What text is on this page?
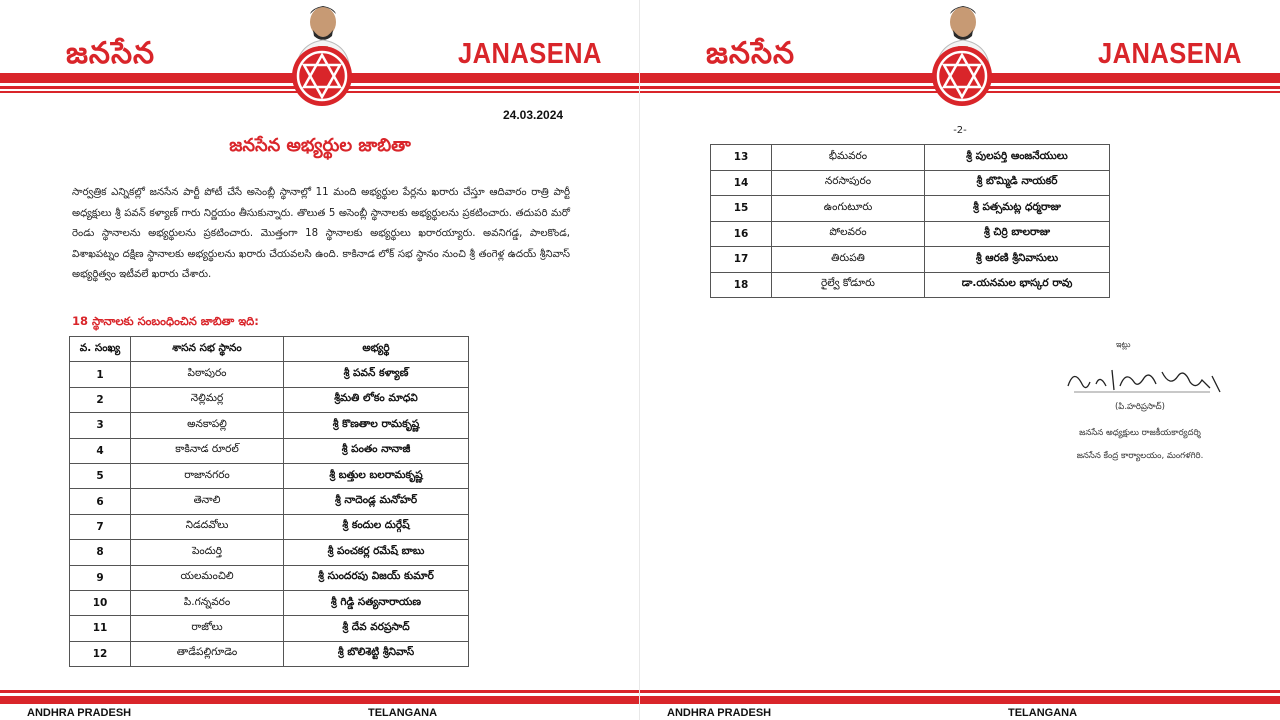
జనసేన	JANASENA
24.03.2024
జనసేన అభ్యర్థుల జాబితా
సార్వత్రిక ఎన్నికల్లో జనసేన పార్టీ పోటీ చేసే అసెంబ్లీ స్థానాల్లో 11 మంది అభ్యర్థుల పేర్లను ఖరారు చేస్తూ ఆదివారం రాత్రి పార్టీ అధ్యక్షులు శ్రీ పవన్ కళ్యాణ్ గారు నిర్ణయం తీసుకున్నారు. తొలుత 5 అసెంబ్లీ స్థానాలకు అభ్యర్థులను ప్రకటించారు. తదుపరి మరో రెండు స్థానాలను అభ్యర్థులను ప్రకటించారు. మొత్తంగా 18 స్థానాలకు అభ్యర్థులు ఖరారయ్యారు. అవనిగడ్డ, పాలకొండ, విశాఖపట్నం దక్షిణ స్థానాలకు అభ్యర్థులను ఖరారు చేయవలసి ఉంది. కాకినాడ లోక్ సభ స్థానం నుంచి శ్రీ తంగెళ్ల ఉదయ్ శ్రీనివాస్ అభ్యర్థిత్వం ఇటీవలే ఖరారు చేశారు.
18 స్థానాలకు సంబంధించిన జాబితా ఇది:
వ. సంఖ్య	శాసన సభ స్థానం	అభ్యర్థి
1	పిఠాపురం	శ్రీ పవన్ కళ్యాణ్
2	నెల్లిమర్ల	శ్రీమతి లోకం మాధవి
3	అనకాపల్లి	శ్రీ కొణతాల రామకృష్ణ
4	కాకినాడ రూరల్	శ్రీ పంతం నానాజీ
5	రాజానగరం	శ్రీ బత్తుల బలరామకృష్ణ
6	తెనాలి	శ్రీ నాదెండ్ల మనోహర్
7	నిడదవోలు	శ్రీ కందుల దుర్గేష్
8	పెందుర్తి	శ్రీ పంచకర్ల రమేష్ బాబు
9	యలమంచిలి	శ్రీ సుందరపు విజయ్ కుమార్
10	పి.గన్నవరం	శ్రీ గిడ్డి సత్యనారాయణ
11	రాజోలు	శ్రీ దేవ వరప్రసాద్
12	తాడేపల్లిగూడెం	శ్రీ బొలిశెట్టి శ్రీనివాస్
ANDHRA PRADESH	TELANGANA
జనసేన	JANASENA
-2-
13	భీమవరం	శ్రీ పులపర్తి ఆంజనేయులు
14	నరసాపురం	శ్రీ బొమ్మిడి నాయకర్
15	ఉంగుటూరు	శ్రీ పత్సమట్ల ధర్మరాజు
16	పోలవరం	శ్రీ చిర్రి బాలరాజు
17	తిరుపతి	శ్రీ ఆరణి శ్రీనివాసులు
18	రైల్వే కోడూరు	డా.యనమల భాస్కర రావు
ఇట్లు
(పి.హరిప్రసాద్)
జనసేన అధ్యక్షులు రాజకీయకార్యదర్శి
జనసేన కేంద్ర కార్యాలయం, మంగళగిరి.
ANDHRA PRADESH	TELANGANA
